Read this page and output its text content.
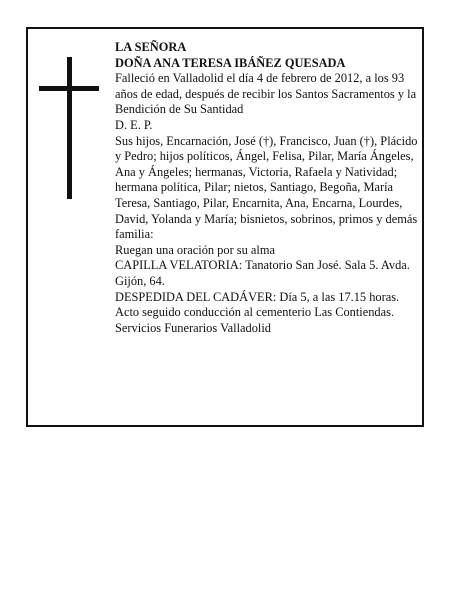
LA SEÑORA

DOÑA ANA TERESA IBÁÑEZ QUESADA

Falleció en Valladolid el día 4 de febrero de 2012, a los 93 años de edad, después de recibir los Santos Sacramentos y la Bendición de Su Santidad

D. E. P.

Sus hijos, Encarnación, José (†), Francisco, Juan (†), Plácido y Pedro; hijos políticos, Ángel, Felisa, Pilar, María Ángeles, Ana y Ángeles; hermanas, Victoria, Rafaela y Natividad; hermana política, Pilar; nietos, Santiago, Begoña, María Teresa, Santiago, Pilar, Encarnita, Ana, Encarna, Lourdes, David, Yolanda y María; bisnietos, sobrinos, primos y demás familia:

Ruegan una oración por su alma

CAPILLA VELATORIA: Tanatorio San José. Sala 5. Avda. Gijón, 64.

DESPEDIDA DEL CADÁVER: Día 5, a las 17.15 horas. Acto seguido conducción al cementerio Las Contiendas.

Servicios Funerarios Valladolid
